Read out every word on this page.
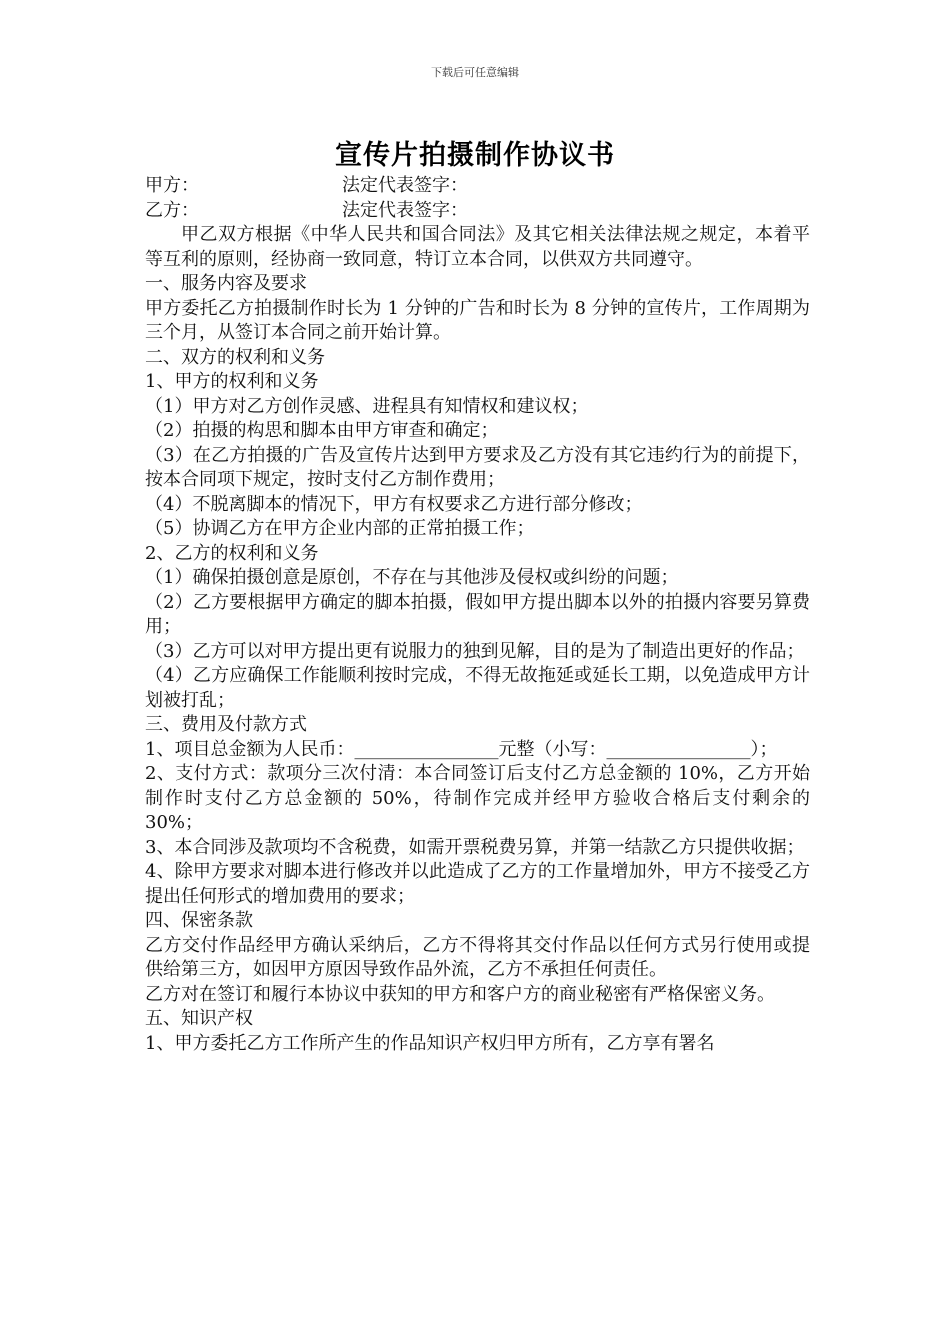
下载后可任意编辑
宣传片拍摄制作协议书
甲方：	法定代表签字：
乙方：	法定代表签字：

甲乙双方根据《中华人民共和国合同法》及其它相关法律法规之规定，本着平等互利的原则，经协商一致同意，特订立本合同，以供双方共同遵守。

一、服务内容及要求

甲方委托乙方拍摄制作时长为 1 分钟的广告和时长为 8 分钟的宣传片，工作周期为三个月，从签订本合同之前开始计算。

二、双方的权利和义务

1、甲方的权利和义务

（1）甲方对乙方创作灵感、进程具有知情权和建议权；

（2）拍摄的构思和脚本由甲方审查和确定；

（3）在乙方拍摄的广告及宣传片达到甲方要求及乙方没有其它违约行为的前提下，按本合同项下规定，按时支付乙方制作费用；

（4）不脱离脚本的情况下，甲方有权要求乙方进行部分修改；

（5）协调乙方在甲方企业内部的正常拍摄工作；

2、乙方的权利和义务

（1）确保拍摄创意是原创，不存在与其他涉及侵权或纠纷的问题；

（2）乙方要根据甲方确定的脚本拍摄，假如甲方提出脚本以外的拍摄内容要另算费用；

（3）乙方可以对甲方提出更有说服力的独到见解，目的是为了制造出更好的作品；

（4）乙方应确保工作能顺利按时完成，不得无故拖延或延长工期，以免造成甲方计划被打乱；

三、费用及付款方式

1、项目总金额为人民币：________________元整（小写：________________）；

2、支付方式：款项分三次付清：本合同签订后支付乙方总金额的 10%，乙方开始制作时支付乙方总金额的 50%，待制作完成并经甲方验收合格后支付剩余的 30%；

3、本合同涉及款项均不含税费，如需开票税费另算，并第一结款乙方只提供收据；

4、除甲方要求对脚本进行修改并以此造成了乙方的工作量增加外，甲方不接受乙方提出任何形式的增加费用的要求；

四、保密条款

乙方交付作品经甲方确认采纳后，乙方不得将其交付作品以任何方式另行使用或提供给第三方，如因甲方原因导致作品外流，乙方不承担任何责任。

乙方对在签订和履行本协议中获知的甲方和客户方的商业秘密有严格保密义务。

五、知识产权

1、甲方委托乙方工作所产生的作品知识产权归甲方所有，乙方享有署名
